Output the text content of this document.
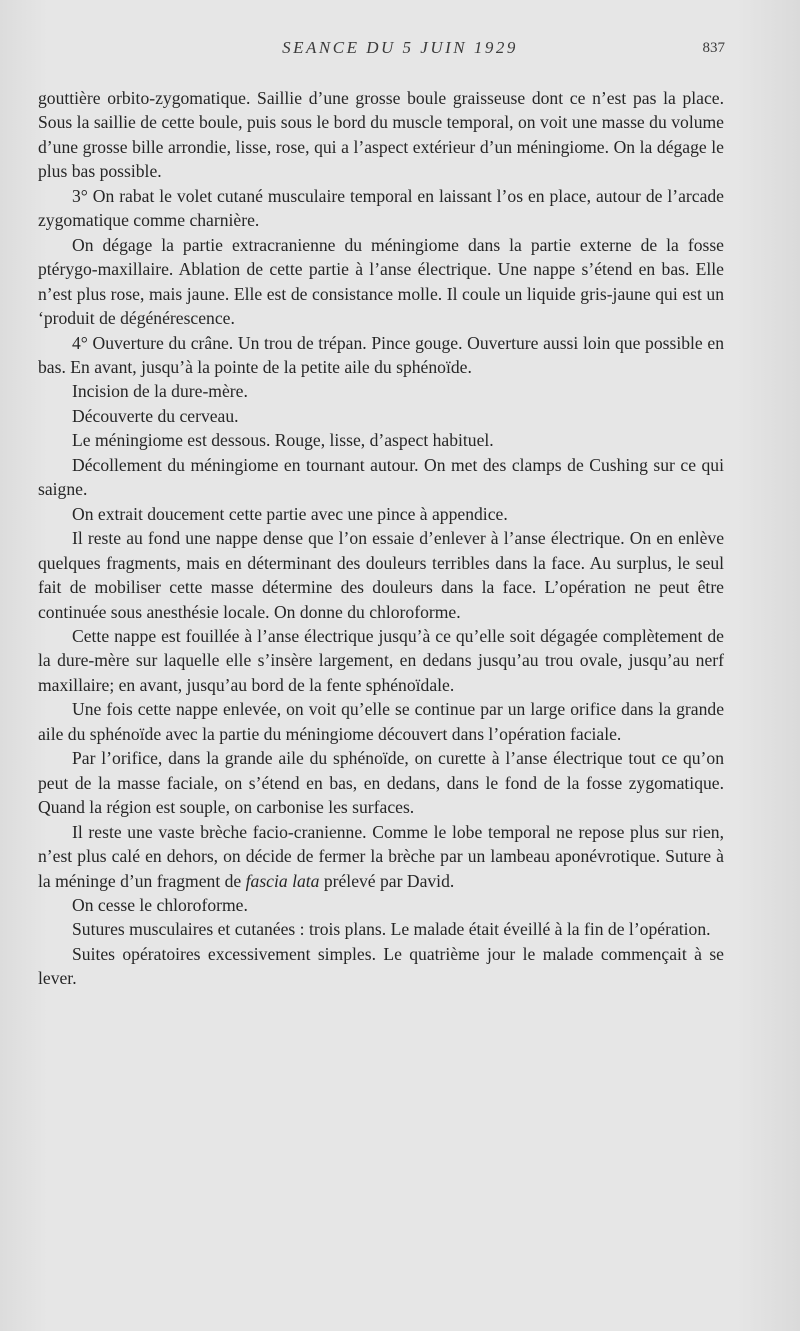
SEANCE DU 5 JUIN 1929	837

gouttière orbito-zygomatique. Saillie d’une grosse boule graisseuse dont ce n’est pas la place. Sous la saillie de cette boule, puis sous le bord du muscle temporal, on voit une masse du volume d’une grosse bille arrondie, lisse, rose, qui a l’aspect extérieur d’un méningiome. On la dégage le plus bas possible.

3° On rabat le volet cutané musculaire temporal en laissant l’os en place, autour de l’arcade zygomatique comme charnière.

On dégage la partie extracranienne du méningiome dans la partie externe de la fosse ptérygo-maxillaire. Ablation de cette partie à l’anse électrique. Une nappe s’étend en bas. Elle n’est plus rose, mais jaune. Elle est de consistance molle. Il coule un liquide gris-jaune qui est un ‘produit de dégénérescence.

4° Ouverture du crâne. Un trou de trépan. Pince gouge. Ouverture aussi loin que possible en bas. En avant, jusqu’à la pointe de la petite aile du sphénoïde.

Incision de la dure-mère.

Découverte du cerveau.

Le méningiome est dessous. Rouge, lisse, d’aspect habituel.

Décollement du méningiome en tournant autour. On met des clamps de Cushing sur ce qui saigne.

On extrait doucement cette partie avec une pince à appendice.

Il reste au fond une nappe dense que l’on essaie d’enlever à l’anse électrique. On en enlève quelques fragments, mais en déterminant des douleurs terribles dans la face. Au surplus, le seul fait de mobiliser cette masse détermine des douleurs dans la face. L’opération ne peut être continuée sous anesthésie locale. On donne du chloroforme.

Cette nappe est fouillée à l’anse électrique jusqu’à ce qu’elle soit dégagée complètement de la dure-mère sur laquelle elle s’insère largement, en dedans jusqu’au trou ovale, jusqu’au nerf maxillaire; en avant, jusqu’au bord de la fente sphénoïdale.

Une fois cette nappe enlevée, on voit qu’elle se continue par un large orifice dans la grande aile du sphénoïde avec la partie du méningiome découvert dans l’opération faciale.

Par l’orifice, dans la grande aile du sphénoïde, on curette à l’anse électrique tout ce qu’on peut de la masse faciale, on s’étend en bas, en dedans, dans le fond de la fosse zygomatique. Quand la région est souple, on carbonise les surfaces.

Il reste une vaste brèche facio-cranienne. Comme le lobe temporal ne repose plus sur rien, n’est plus calé en dehors, on décide de fermer la brèche par un lambeau aponévrotique. Suture à la méninge d’un fragment de fascia lata prélevé par David.

On cesse le chloroforme.

Sutures musculaires et cutanées : trois plans. Le malade était éveillé à la fin de l’opération.

Suites opératoires excessivement simples. Le quatrième jour le malade commençait à se lever.
